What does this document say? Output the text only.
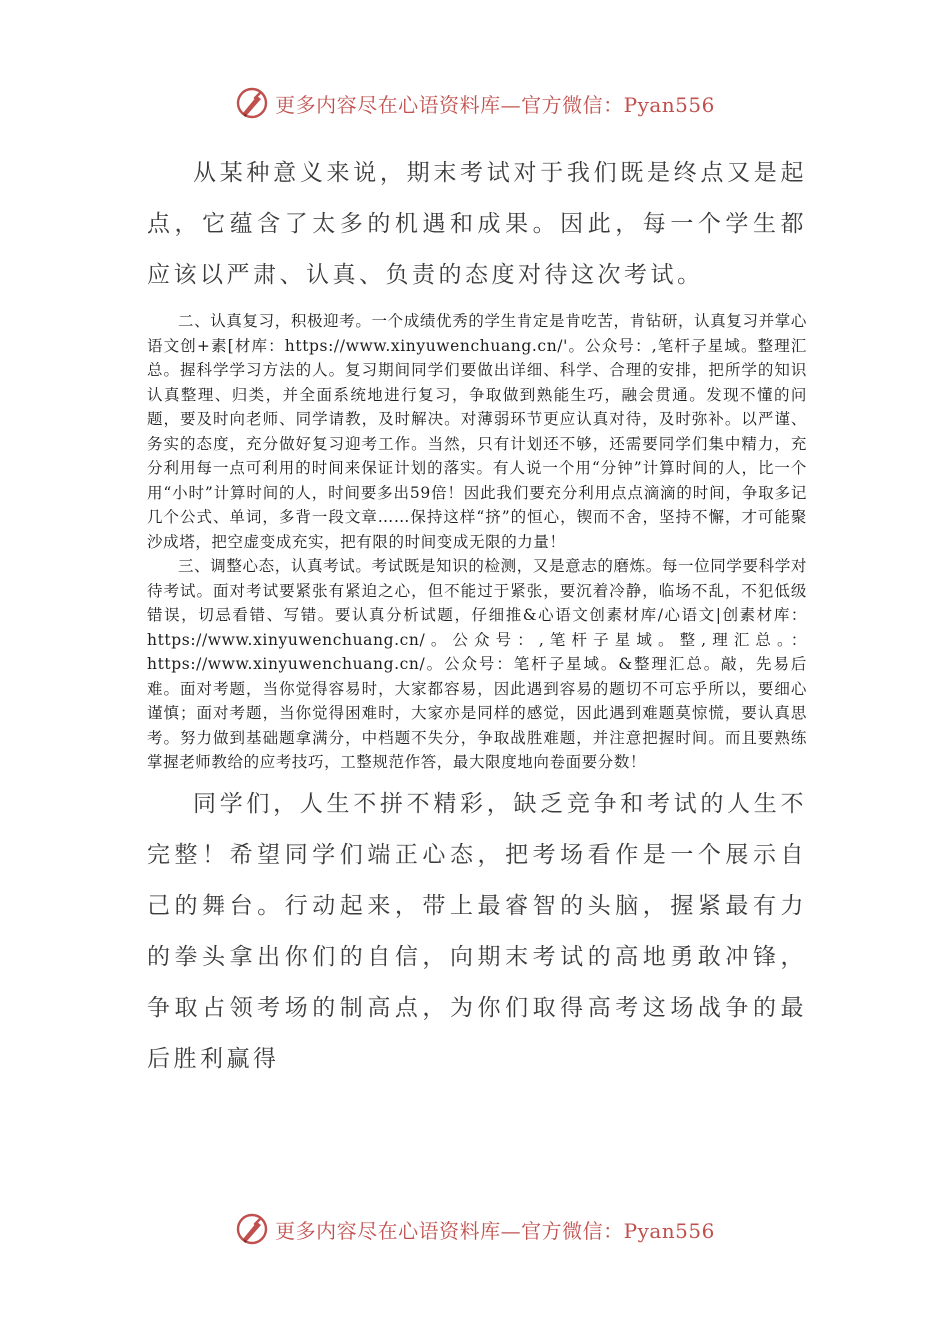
更多内容尽在心语资料库—官方微信：Pyan556

从某种意义来说，期末考试对于我们既是终点又是起点，它蕴含了太多的机遇和成果。因此，每一个学生都应该以严肃、认真、负责的态度对待这次考试。

二、认真复习，积极迎考。一个成绩优秀的学生肯定是肯吃苦，肯钻研，认真复习并掌心语文创+素[材库：https://www.xinyuwenchuang.cn/'。公众号：,笔杆子星域。整理汇总。握科学学习方法的人。复习期间同学们要做出详细、科学、合理的安排，把所学的知识认真整理、归类，并全面系统地进行复习，争取做到熟能生巧，融会贯通。发现不懂的问题，要及时向老师、同学请教，及时解决。对薄弱环节更应认真对待，及时弥补。以严谨、务实的态度，充分做好复习迎考工作。当然，只有计划还不够，还需要同学们集中精力，充分利用每一点可利用的时间来保证计划的落实。有人说一个用“分钟”计算时间的人，比一个用“小时”计算时间的人，时间要多出59倍！因此我们要充分利用点点滴滴的时间，争取多记几个公式、单词，多背一段文章……保持这样“挤”的恒心，锲而不舍，坚持不懈，才可能聚沙成塔，把空虚变成充实，把有限的时间变成无限的力量！

三、调整心态，认真考试。考试既是知识的检测，又是意志的磨炼。每一位同学要科学对待考试。面对考试要紧张有紧迫之心，但不能过于紧张，要沉着冷静，临场不乱，不犯低级错误，切忌看错、写错。要认真分析试题，仔细推&心语文创素材库/心语文|创素材库：https://www.xinyuwenchuang.cn/。公众号：,笔杆子星域。整,理汇总。：https://www.xinyuwenchuang.cn/。公众号：笔杆子星域。&整理汇总。敲，先易后难。面对考题，当你觉得容易时，大家都容易，因此遇到容易的题切不可忘乎所以，要细心谨慎；面对考题，当你觉得困难时，大家亦是同样的感觉，因此遇到难题莫惊慌，要认真思考。努力做到基础题拿满分，中档题不失分，争取战胜难题，并注意把握时间。而且要熟练掌握老师教给的应考技巧，工整规范作答，最大限度地向卷面要分数！

同学们，人生不拼不精彩，缺乏竞争和考试的人生不完整！希望同学们端正心态，把考场看作是一个展示自己的舞台。行动起来，带上最睿智的头脑，握紧最有力的拳头拿出你们的自信，向期末考试的高地勇敢冲锋，争取占领考场的制高点，为你们取得高考这场战争的最后胜利赢得

更多内容尽在心语资料库—官方微信：Pyan556
